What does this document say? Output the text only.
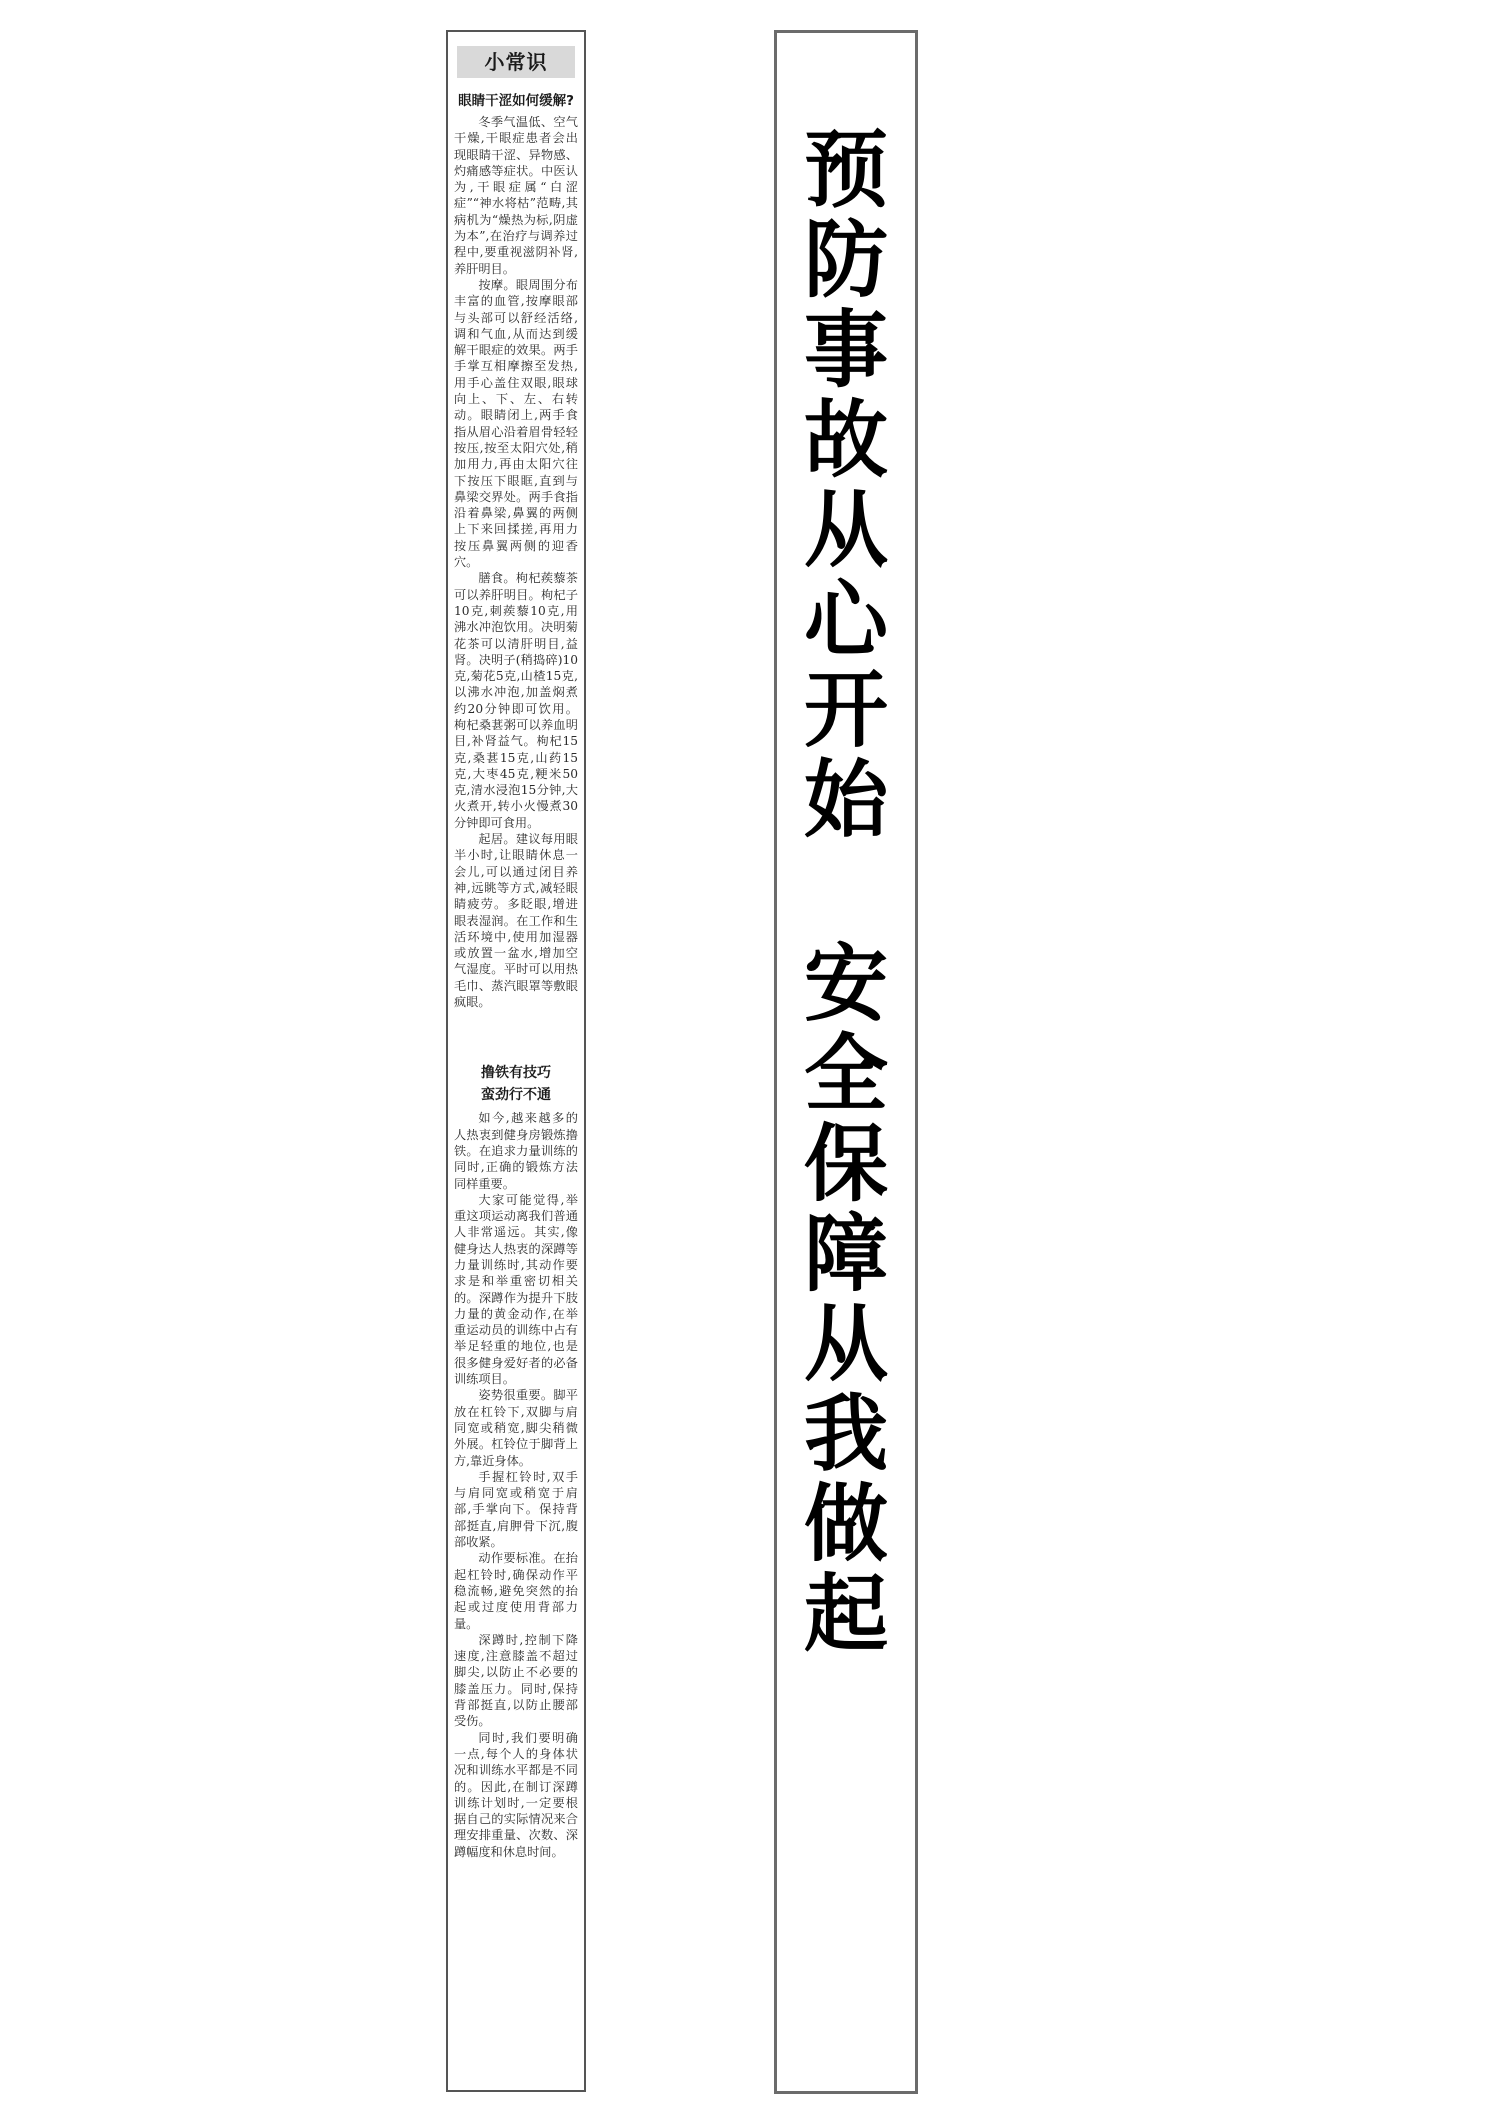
小常识
眼睛干涩如何缓解?

冬季气温低、空气干燥,干眼症患者会出现眼睛干涩、异物感、灼痛感等症状。中医认为,干眼症属“白涩症”“神水将枯”范畴,其病机为“燥热为标,阴虚为本”,在治疗与调养过程中,要重视滋阴补肾,养肝明目。

按摩。眼周围分布丰富的血管,按摩眼部与头部可以舒经活络,调和气血,从而达到缓解干眼症的效果。两手手掌互相摩擦至发热,用手心盖住双眼,眼球向上、下、左、右转动。眼睛闭上,两手食指从眉心沿着眉骨轻轻按压,按至太阳穴处,稍加用力,再由太阳穴往下按压下眼眶,直到与鼻梁交界处。两手食指沿着鼻梁,鼻翼的两侧上下来回揉搓,再用力按压鼻翼两侧的迎香穴。

膳食。枸杞蒺藜茶可以养肝明目。枸杞子10克,刺蒺藜10克,用沸水冲泡饮用。决明菊花茶可以清肝明目,益肾。决明子(稍捣碎)10克,菊花5克,山楂15克,以沸水冲泡,加盖焖煮约20分钟即可饮用。枸杞桑葚粥可以养血明目,补肾益气。枸杞15克,桑葚15克,山药15克,大枣45克,粳米50克,清水浸泡15分钟,大火煮开,转小火慢煮30分钟即可食用。

起居。建议每用眼半小时,让眼睛休息一会儿,可以通过闭目养神,远眺等方式,减轻眼睛疲劳。多眨眼,增进眼表湿润。在工作和生活环境中,使用加湿器或放置一盆水,增加空气湿度。平时可以用热毛巾、蒸汽眼罩等敷眼疯眼。

撸铁有技巧
蛮劲行不通

如今,越来越多的人热衷到健身房锻炼撸铁。在追求力量训练的同时,正确的锻炼方法同样重要。

大家可能觉得,举重这项运动离我们普通人非常遥远。其实,像健身达人热衷的深蹲等力量训练时,其动作要求是和举重密切相关的。深蹲作为提升下肢力量的黄金动作,在举重运动员的训练中占有举足轻重的地位,也是很多健身爱好者的必备训练项目。

姿势很重要。脚平放在杠铃下,双脚与肩同宽或稍宽,脚尖稍微外展。杠铃位于脚背上方,靠近身体。

手握杠铃时,双手与肩同宽或稍宽于肩部,手掌向下。保持背部挺直,肩胛骨下沉,腹部收紧。

动作要标准。在抬起杠铃时,确保动作平稳流畅,避免突然的抬起或过度使用背部力量。

深蹲时,控制下降速度,注意膝盖不超过脚尖,以防止不必要的膝盖压力。同时,保持背部挺直,以防止腰部受伤。

同时,我们要明确一点,每个人的身体状况和训练水平都是不同的。因此,在制订深蹲训练计划时,一定要根据自己的实际情况来合理安排重量、次数、深蹲幅度和休息时间。

预
防
事
故
从
心
开
始
安
全
保
障
从
我
做
起
